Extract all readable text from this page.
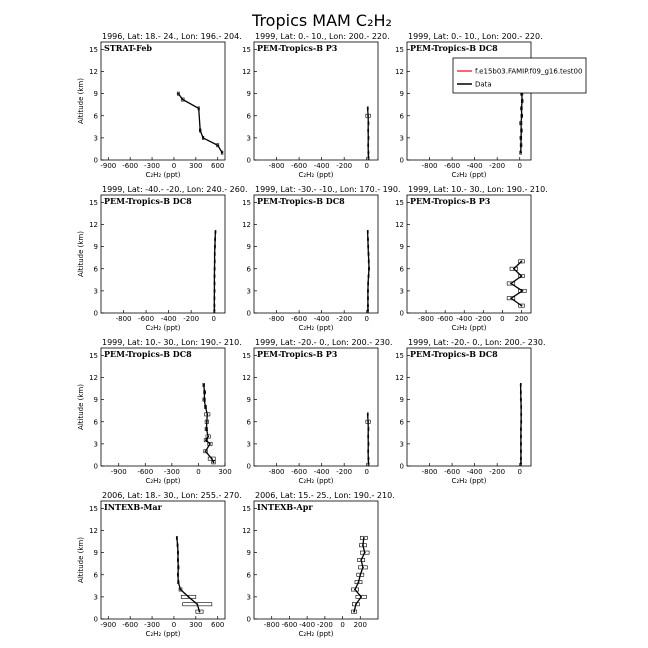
Tropics MAM C₂H₂
1996, Lat: 18.- 24., Lon: 196.- 204.
STRAT-Feb
-900 -600 -300 0 300 600
0
3
6
9
12
15
C₂H₂ (ppt)
Altitude (km)
1999, Lat: 0.- 10., Lon: 200.- 220.
PEM-Tropics-B P3
-800 -600 -400 -200 0
0
3
6
9
12
15
C₂H₂ (ppt)
1999, Lat: 0.- 10., Lon: 200.- 220.
PEM-Tropics-B DC8
-800 -600 -400 -200 0
0
3
6
9
12
15
C₂H₂ (ppt)
1999, Lat: -40.- -20., Lon: 240.- 260.
PEM-Tropics-B DC8
-800 -600 -400 -200 0
0
3
6
9
12
15
C₂H₂ (ppt)
Altitude (km)
1999, Lat: -30.- -10., Lon: 170.- 190.
PEM-Tropics-B DC8
-800 -600 -400 -200 0
0
3
6
9
12
15
C₂H₂ (ppt)
1999, Lat: 10.- 30., Lon: 190.- 210.
PEM-Tropics-B P3
-800 -600 -400 -200 0 200
0
3
6
9
12
15
C₂H₂ (ppt)
1999, Lat: 10.- 30., Lon: 190.- 210.
PEM-Tropics-B DC8
-900 -600 -300 0	300
0
3
6
9
12
15
C₂H₂ (ppt)
Altitude (km)
1999, Lat: -20.- 0., Lon: 200.- 230.
PEM-Tropics-B P3
-800 -600 -400 -200 0
0
3
6
9
12
15
C₂H₂ (ppt)
1999, Lat: -20.- 0., Lon: 200.- 230.
PEM-Tropics-B DC8
-800 -600 -400 -200 0
0
3
6
9
12
15
C₂H₂ (ppt)
2006, Lat: 18.- 30., Lon: 255.- 270.
INTEXB-Mar
-900 -600 -300 0 300 600
0
3
6
9
12
15
C₂H₂ (ppt)
Altitude (km)
2006, Lat: 15.- 25., Lon: 190.- 210.
INTEXB-Apr
-800 -600 -400 -200 0 200
0
3
6
9
12
15
C₂H₂ (ppt)
f.e15b03.FAMIP.f09_g16.test00
Data
